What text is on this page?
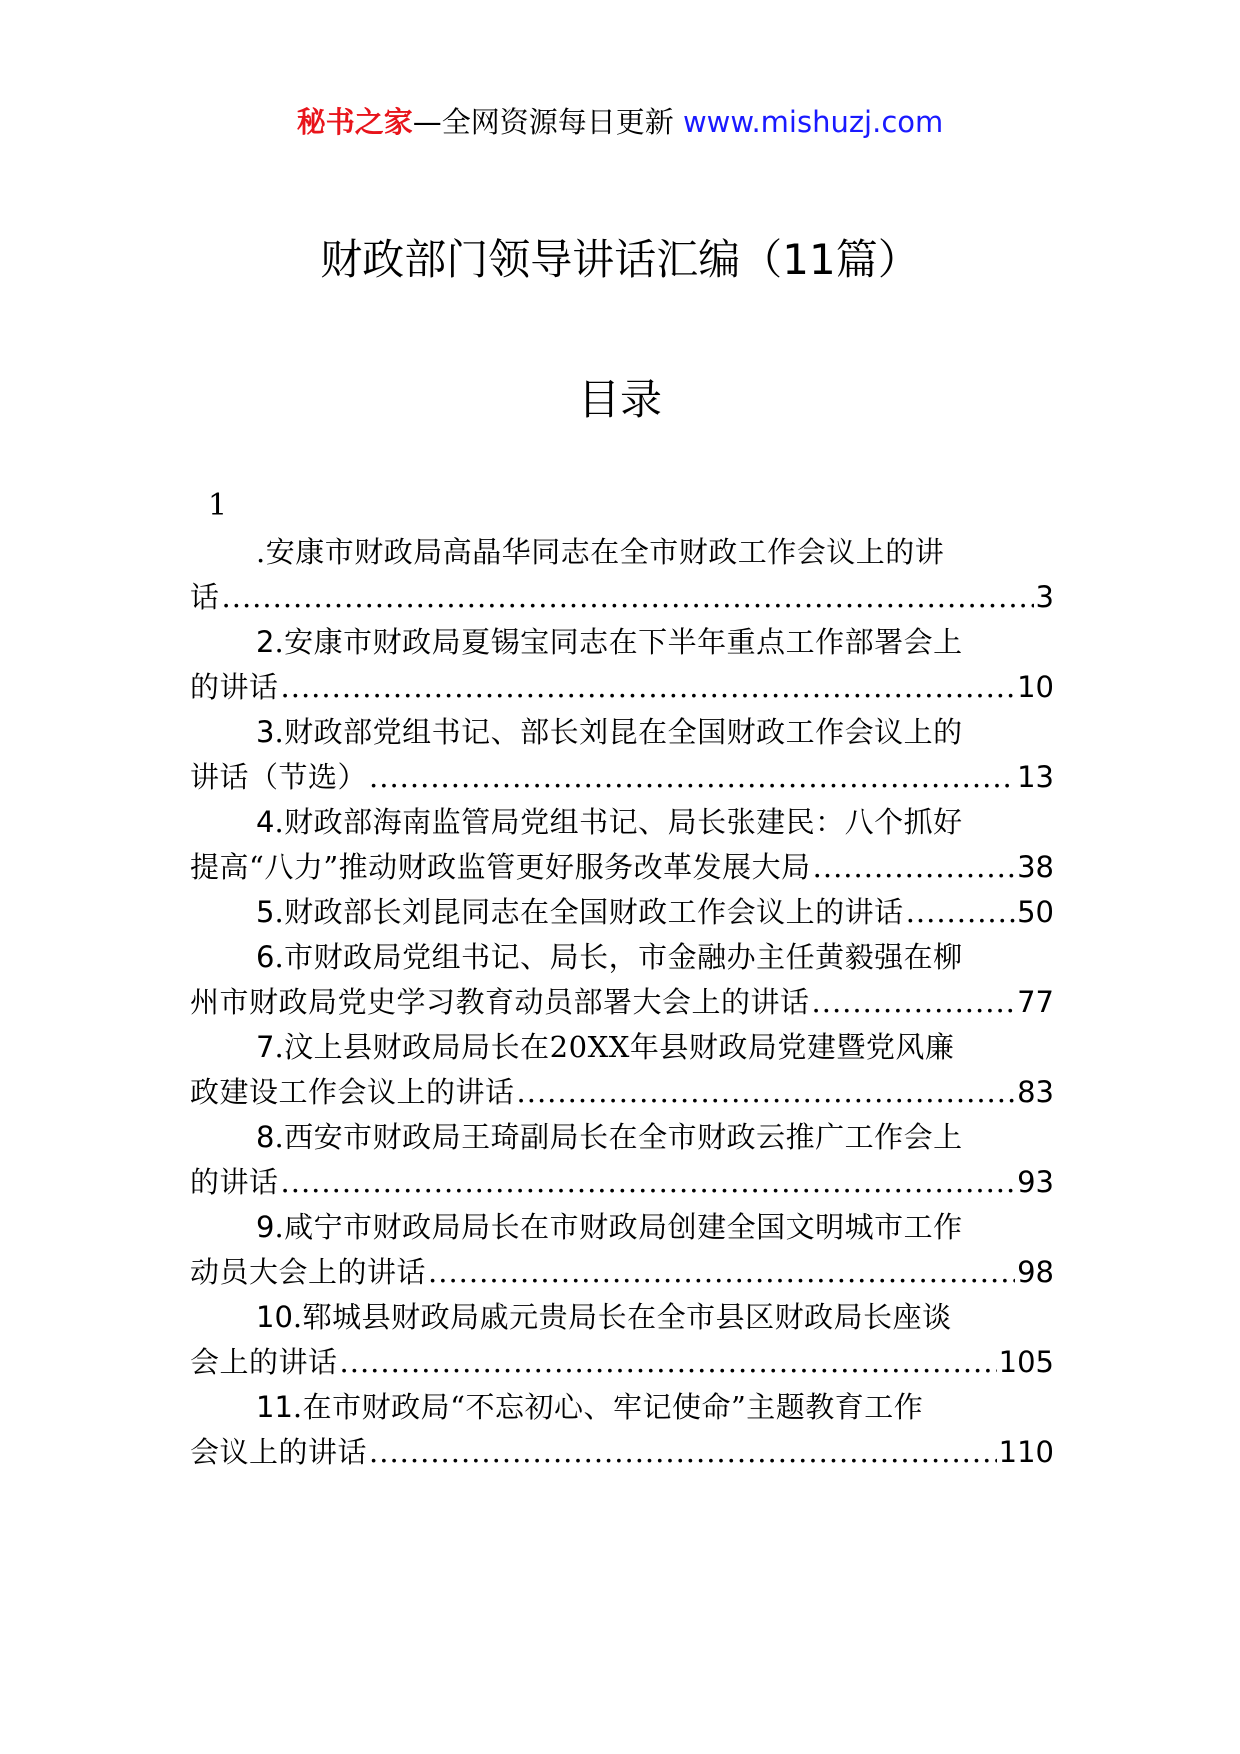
秘书之家—全网资源每日更新 www.mishuzj.com
财政部门领导讲话汇编（11篇）
目录
1
.安康市财政局高晶华同志在全市财政工作会议上的讲
话 .....	3
2.安康市财政局夏锡宝同志在下半年重点工作部署会上
的讲话 .....	10
3.财政部党组书记、部长刘昆在全国财政工作会议上的
讲话（节选） .....	13
4.财政部海南监管局党组书记、局长张建民：八个抓好
提高“八力”推动财政监管更好服务改革发展大局 .....	38
5 .财政部长刘昆同志在全国财政工作会议上的讲话 .....	50
6.市财政局党组书记、局长，市金融办主任黄毅强在柳
州市财政局党史学习教育动员部署大会上的讲话 .....	77
7.汶上县财政局局长在20XX年县财政局党建暨党风廉
政建设工作会议上的讲话 .....	83
8.西安市财政局王琦副局长在全市财政云推广工作会上
的讲话 .....	93
9.咸宁市财政局局长在市财政局创建全国文明城市工作
动员大会上的讲话 .....	98
10.郓城县财政局戚元贵局长在全市县区财政局长座谈
会上的讲话 .....	105
11.在市财政局“不忘初心、牢记使命”主题教育工作
会议上的讲话 .....	110
